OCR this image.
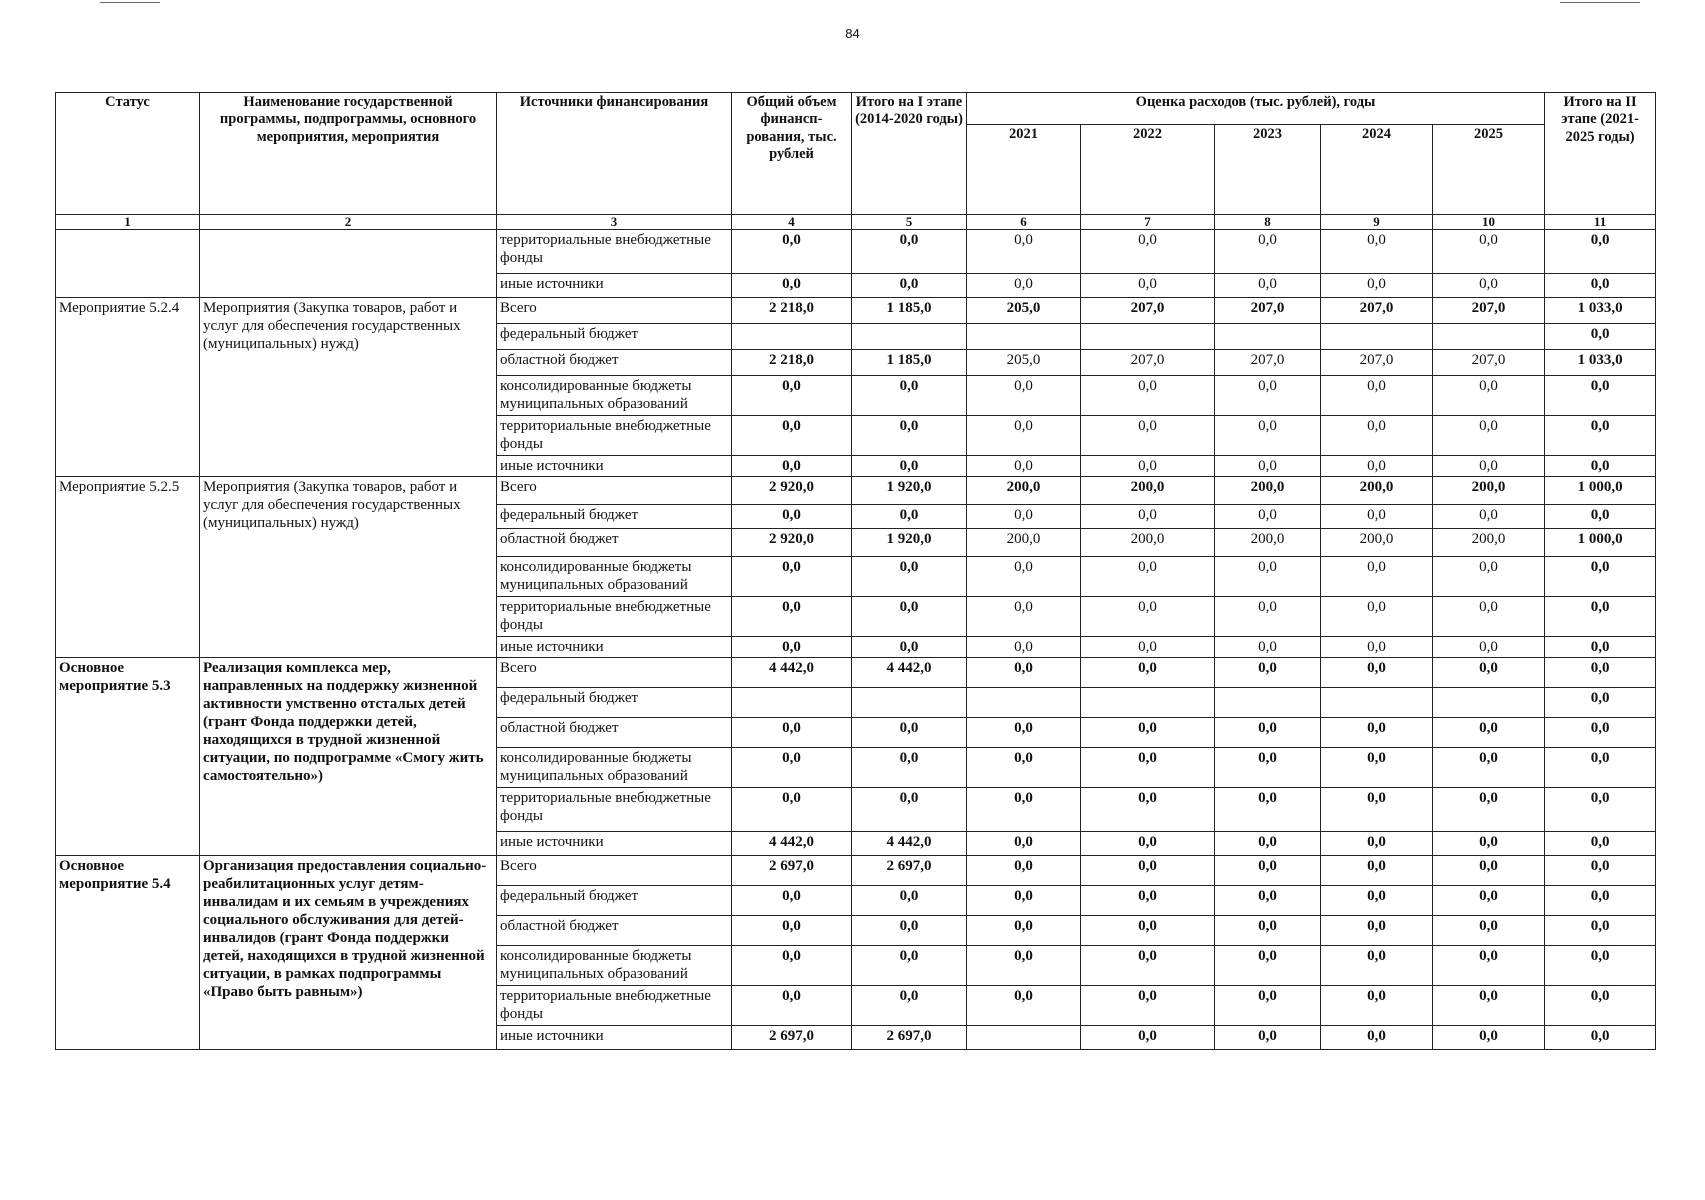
84
Статус	Наименование государственной программы, подпрограммы, основного мероприятия, мероприятия	Источники финансирования	Общий объем финансп-рования, тыс. рублей	Итого на I этапе (2014-2020 годы)	Оценка расходов (тыс. рублей), годы					Итого на II этапе (2021-2025 годы)
					2021	2022	2023	2024	2025	
1	2	3	4	5	6	7	8	9	10	11
		территориальные внебюджетные фонды	0,0	0,0	0,0	0,0	0,0	0,0	0,0	0,0
		иные источники	0,0	0,0	0,0	0,0	0,0	0,0	0,0	0,0
Мероприятие 5.2.4	Мероприятия (Закупка товаров, работ и услуг для обеспечения государственных (муниципальных) нужд)	Всего	2 218,0	1 185,0	205,0	207,0	207,0	207,0	207,0	1 033,0
		федеральный бюджет								0,0
		областной бюджет	2 218,0	1 185,0	205,0	207,0	207,0	207,0	207,0	1 033,0
		консолидированные бюджеты муниципальных образований	0,0	0,0	0,0	0,0	0,0	0,0	0,0	0,0
		территориальные внебюджетные фонды	0,0	0,0	0,0	0,0	0,0	0,0	0,0	0,0
		иные источники	0,0	0,0	0,0	0,0	0,0	0,0	0,0	0,0
Мероприятие 5.2.5	Мероприятия (Закупка товаров, работ и услуг для обеспечения государственных (муниципальных) нужд)	Всего	2 920,0	1 920,0	200,0	200,0	200,0	200,0	200,0	1 000,0
		федеральный бюджет	0,0	0,0	0,0	0,0	0,0	0,0	0,0	0,0
		областной бюджет	2 920,0	1 920,0	200,0	200,0	200,0	200,0	200,0	1 000,0
		консолидированные бюджеты муниципальных образований	0,0	0,0	0,0	0,0	0,0	0,0	0,0	0,0
		территориальные внебюджетные фонды	0,0	0,0	0,0	0,0	0,0	0,0	0,0	0,0
		иные источники	0,0	0,0	0,0	0,0	0,0	0,0	0,0	0,0
Основное мероприятие 5.3	Реализация комплекса мер, направленных на поддержку жизненной активности умственно отсталых детей (грант Фонда поддержки детей, находящихся в трудной жизненной ситуации, по подпрограмме «Смогу жить самостоятельно»)	Всего	4 442,0	4 442,0	0,0	0,0	0,0	0,0	0,0	0,0
		федеральный бюджет								0,0
		областной бюджет	0,0	0,0	0,0	0,0	0,0	0,0	0,0	0,0
		консолидированные бюджеты муниципальных образований	0,0	0,0	0,0	0,0	0,0	0,0	0,0	0,0
		территориальные внебюджетные фонды	0,0	0,0	0,0	0,0	0,0	0,0	0,0	0,0
		иные источники	4 442,0	4 442,0	0,0	0,0	0,0	0,0	0,0	0,0
Основное мероприятие 5.4	Организация предоставления социально-реабилитационных услуг детям-инвалидам и их семьям в учреждениях социального обслуживания для детей-инвалидов (грант Фонда поддержки детей, находящихся в трудной жизненной ситуации, в рамках подпрограммы «Право быть равным»)	Всего	2 697,0	2 697,0	0,0	0,0	0,0	0,0	0,0	0,0
		федеральный бюджет	0,0	0,0	0,0	0,0	0,0	0,0	0,0	0,0
		областной бюджет	0,0	0,0	0,0	0,0	0,0	0,0	0,0	0,0
		консолидированные бюджеты муниципальных образований	0,0	0,0	0,0	0,0	0,0	0,0	0,0	0,0
		территориальные внебюджетные фонды	0,0	0,0	0,0	0,0	0,0	0,0	0,0	0,0
		иные источники	2 697,0	2 697,0		0,0	0,0	0,0	0,0	0,0
